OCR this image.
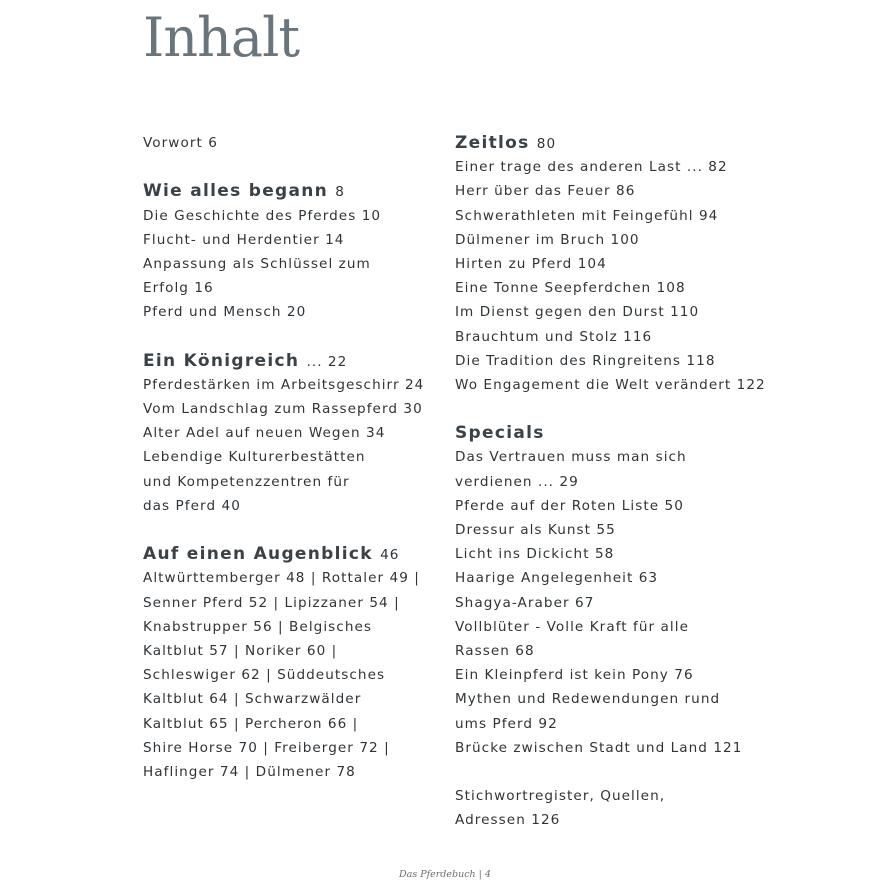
Inhalt
Vorwort 6
Wie alles begann 8
Die Geschichte des Pferdes 10
Flucht- und Herdentier 14
Anpassung als Schlüssel zum
Erfolg 16
Pferd und Mensch 20
Ein Königreich ... 22
Pferdestärken im Arbeitsgeschirr 24
Vom Landschlag zum Rassepferd 30
Alter Adel auf neuen Wegen 34
Lebendige Kulturerbestätten
und Kompetenzzentren für
das Pferd 40
Auf einen Augenblick 46
Altwürttemberger 48 | Rottaler 49 |
Senner Pferd 52 | Lipizzaner 54 |
Knabstrupper 56 | Belgisches
Kaltblut 57 | Noriker 60 |
Schleswiger 62 | Süddeutsches
Kaltblut 64 | Schwarzwälder
Kaltblut 65 | Percheron 66 |
Shire Horse 70 | Freiberger 72 |
Haflinger 74 | Dülmener 78
Zeitlos 80
Einer trage des anderen Last ... 82
Herr über das Feuer 86
Schwerathleten mit Feingefühl 94
Dülmener im Bruch 100
Hirten zu Pferd 104
Eine Tonne Seepferdchen 108
Im Dienst gegen den Durst 110
Brauchtum und Stolz 116
Die Tradition des Ringreitens 118
Wo Engagement die Welt verändert 122
Specials
Das Vertrauen muss man sich
verdienen ... 29
Pferde auf der Roten Liste 50
Dressur als Kunst 55
Licht ins Dickicht 58
Haarige Angelegenheit 63
Shagya-Araber 67
Vollblüter - Volle Kraft für alle
Rassen 68
Ein Kleinpferd ist kein Pony 76
Mythen und Redewendungen rund
ums Pferd 92
Brücke zwischen Stadt und Land 121
Stichwortregister, Quellen,
Adressen 126
Das Pferdebuch | 4
